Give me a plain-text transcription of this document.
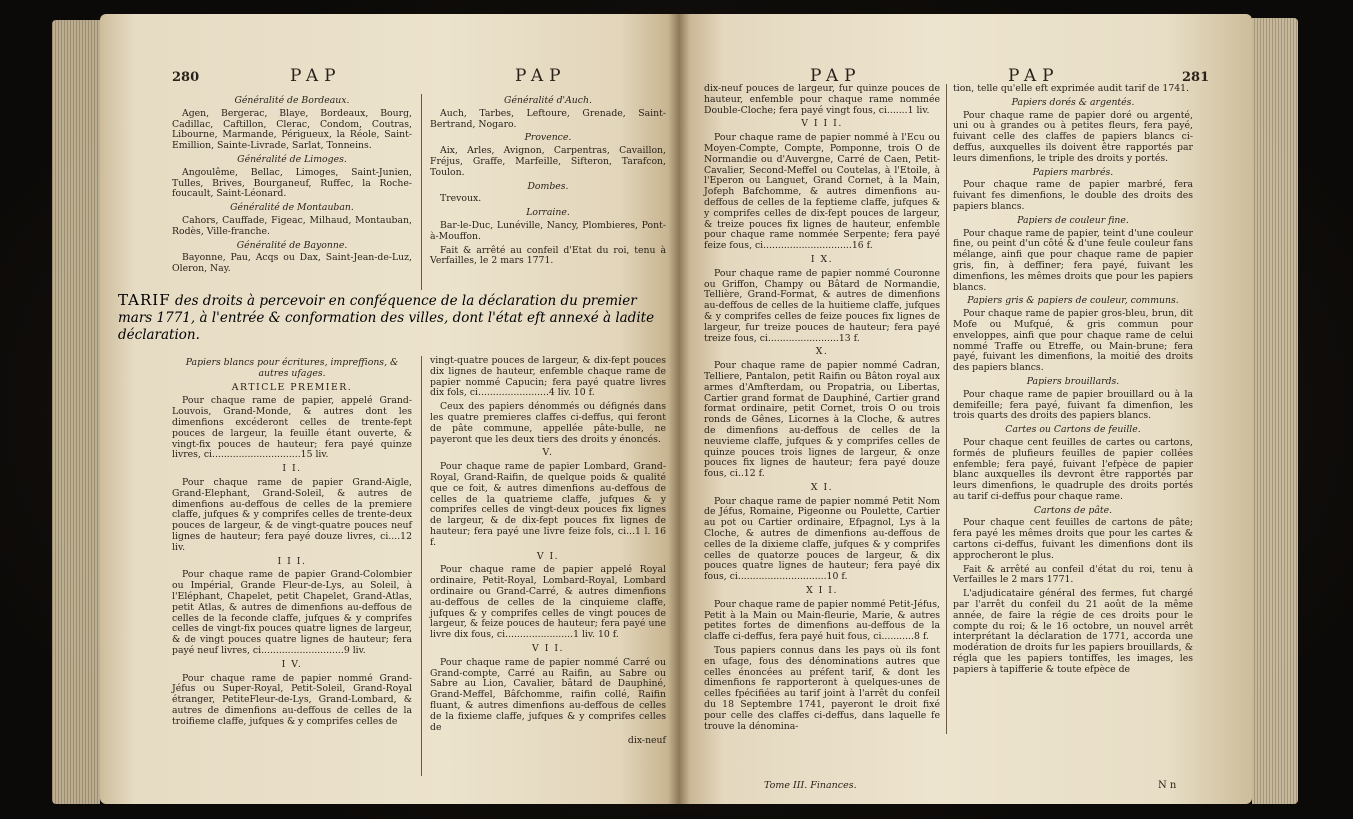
280	PAP	PAP

Généralité de Bordeaux.

Agen, Bergerac, Blaye, Bordeaux, Bourg, Cadillac, Caftillon, Clerac, Condom, Coutras, Libourne, Marmande, Périgueux, la Réole, Saint-Emillion, Sainte-Livrade, Sarlat, Tonneins.

Généralité de Limoges.

Angoulême, Bellac, Limoges, Saint-Junien, Tulles, Brives, Bourganeuf, Ruffec, la Roche-foucault, Saint-Léonard.

Généralité de Montauban.

Cahors, Cauffade, Figeac, Milhaud, Montauban, Rodès, Ville-franche.

Généralité de Bayonne.

Bayonne, Pau, Acqs ou Dax, Saint-Jean-de-Luz, Oleron, Nay.

Généralité d'Auch.

Auch, Tarbes, Leftoure, Grenade, Saint-Bertrand, Nogaro.

Provence.

Aix, Arles, Avignon, Carpentras, Cavaillon, Fréjus, Graffe, Marfeille, Sifteron, Tarafcon, Toulon.

Dombes.

Trevoux.

Lorraine.

Bar-le-Duc, Lunéville, Nancy, Plombieres, Pont-à-Mouffon.

Fait & arrêté au confeil d'Etat du roi, tenu à Verfailles, le 2 mars 1771.

Papiers blancs pour écritures, impreffions, & autres ufages.

ARTICLE PREMIER.

Pour chaque rame de papier, appelé Grand-Louvois, Grand-Monde, & autres dont les dimenfions excéderont celles de trente-fept pouces de largeur, la feuille étant ouverte, & vingt-fix pouces de hauteur; fera payé quinze livres, ci..............................15 liv.

I I.

Pour chaque rame de papier Grand-Aigle, Grand-Elephant, Grand-Soleil, & autres de dimenfions au-deffous de celles de la premiere claffe, jufques & y comprifes celles de trente-deux pouces de largeur, & de vingt-quatre pouces neuf lignes de hauteur; fera payé douze livres, ci....12 liv.

I I I.

Pour chaque rame de papier Grand-Colombier ou Impérial, Grande Fleur-de-Lys, au Soleil, à l'Eléphant, Chapelet, petit Chapelet, Grand-Atlas, petit Atlas, & autres de dimenfions au-deffous de celles de la feconde claffe, jufques & y comprifes celles de vingt-fix pouces quatre lignes de largeur, & de vingt pouces quatre lignes de hauteur; fera payé neuf livres, ci............................9 liv.

I V.

Pour chaque rame de papier nommé Grand-Jéfus ou Super-Royal, Petit-Soleil, Grand-Royal étranger, PetiteFleur-de-Lys, Grand-Lombard, & autres de dimenfions au-deffous de celles de la troifieme claffe, jufques & y comprifes celles de

vingt-quatre pouces de largeur, & dix-fept pouces dix lignes de hauteur, enfemble chaque rame de papier nommé Capucin; fera payé quatre livres dix fols, ci........................4 liv. 10 f.

Ceux des papiers dénommés ou défignés dans les quatre premieres claffes ci-deffus, qui feront de pâte commune, appellée pâte-bulle, ne payeront que les deux tiers des droits y énoncés.

V.

Pour chaque rame de papier Lombard, Grand-Royal, Grand-Raifin, de quelque poids & qualité que ce foit, & autres dimenfions au-deffous de celles de la quatrieme claffe, jufques & y comprifes celles de vingt-deux pouces fix lignes de largeur, & de dix-fept pouces fix lignes de hauteur; fera payé une livre feize fols, ci...1 l. 16 f.

V I.

Pour chaque rame de papier appelé Royal ordinaire, Petit-Royal, Lombard-Royal, Lombard ordinaire ou Grand-Carré, & autres dimenfions au-deffous de celles de la cinquieme claffe, jufques & y comprifes celles de vingt pouces de largeur, & feize pouces de hauteur; fera payé une livre dix fous, ci.......................1 liv. 10 f.

V I I.

Pour chaque rame de papier nommé Carré ou Grand-compte, Carré au Raifin, au Sabre ou Sabre au Lion, Cavalier, bâtard de Dauphiné, Grand-Meffel, Bâfchomme, raifin collé, Raifin fluant, & autres dimenfions au-deffous de celles de la fixieme claffe, jufques & y comprifes celles de

dix-neuf

TARIF des droits à percevoir en conféquence de la déclaration du premier mars 1771, à l'entrée & conformation des villes, dont l'état eft annexé à ladite déclaration.
PAP	PAP	281

dix-neuf pouces de largeur, fur quinze pouces de hauteur, enfemble pour chaque rame nommée Double-Cloche; fera payé vingt fous, ci.......1 liv.

V I I I.

Pour chaque rame de papier nommé à l'Ecu ou Moyen-Compte, Compte, Pomponne, trois O de Normandie ou d'Auvergne, Carré de Caen, Petit-Cavalier, Second-Meffel ou Coutelas, à l'Etoile, à l'Eperon ou Languet, Grand Cornet, à la Main, Jofeph Bafchomme, & autres dimenfions au-deffous de celles de la feptieme claffe, jufques & y comprifes celles de dix-fept pouces de largeur, & treize pouces fix lignes de hauteur, enfemble pour chaque rame nommée Serpente; fera payé feize fous, ci..............................16 f.

I X.

Pour chaque rame de papier nommé Couronne ou Griffon, Champy ou Bâtard de Normandie, Tellière, Grand-Format, & autres de dimenfions au-deffous de celles de la huitieme claffe, jufques & y comprifes celles de feize pouces fix lignes de largeur, fur treize pouces de hauteur; fera payé treize fous, ci........................13 f.

X.

Pour chaque rame de papier nommé Cadran, Telliere, Pantalon, petit Raifin ou Bâton royal aux armes d'Amfterdam, ou Propatria, ou Libertas, Cartier grand format de Dauphiné, Cartier grand format ordinaire, petit Cornet, trois O ou trois ronds de Gênes, Licornes à la Cloche, & autres de dimenfions au-deffous de celles de la neuvieme claffe, jufques & y comprifes celles de quinze pouces trois lignes de largeur, & onze pouces fix lignes de hauteur; fera payé douze fous, ci..12 f.

X I.

Pour chaque rame de papier nommé Petit Nom de Jéfus, Romaine, Pigeonne ou Poulette, Cartier au pot ou Cartier ordinaire, Efpagnol, Lys à la Cloche, & autres de dimenfions au-deffous de celles de la dixieme claffe, jufques & y comprifes celles de quatorze pouces de largeur, & dix pouces quatre lignes de hauteur; fera payé dix fous, ci..............................10 f.

X I I.

Pour chaque rame de papier nommé Petit-Jéfus, Petit à la Main ou Main-fleurie, Marie, & autres petites fortes de dimenfions au-deffous de la claffe ci-deffus, fera payé huit fous, ci...........8 f.

Tous papiers connus dans les pays où ils font en ufage, fous des dénominations autres que celles énoncées au préfent tarif, & dont les dimenfions fe rapporteront à quelques-unes de celles fpécifiées au tarif joint à l'arrêt du confeil du 18 Septembre 1741, payeront le droit fixé pour celle des claffes ci-deffus, dans laquelle fe trouve la dénomina-

tion, telle qu'elle eft exprimée audit tarif de 1741.

Papiers dorés & argentés.

Pour chaque rame de papier doré ou argenté, uni ou à grandes ou à petites fleurs, fera payé, fuivant celle des claffes de papiers blancs ci-deffus, auxquelles ils doivent être rapportés par leurs dimenfions, le triple des droits y portés.

Papiers marbrés.

Pour chaque rame de papier marbré, fera fuivant fes dimenfions, le double des droits des papiers blancs.

Papiers de couleur fine.

Pour chaque rame de papier, teint d'une couleur fine, ou peint d'un côté & d'une feule couleur fans mélange, ainfi que pour chaque rame de papier gris, fin, à deffiner; fera payé, fuivant les dimenfions, les mêmes droits que pour les papiers blancs.

Papiers gris & papiers de couleur, communs.

Pour chaque rame de papier gros-bleu, brun, dit Mofe ou Mufqué, & gris commun pour enveloppes, ainfi que pour chaque rame de celui nommé Traffe ou Etreffe, ou Main-brune; fera payé, fuivant les dimenfions, la moitié des droits des papiers blancs.

Papiers brouillards.

Pour chaque rame de papier brouillard ou à la demifeille; fera payé, fuivant fa dimenfion, les trois quarts des droits des papiers blancs.

Cartes ou Cartons de feuille.

Pour chaque cent feuilles de cartes ou cartons, formés de plufieurs feuilles de papier collées enfemble; fera payé, fuivant l'efpèce de papier blanc auxquelles ils devront être rapportés par leurs dimenfions, le quadruple des droits portés au tarif ci-deffus pour chaque rame.

Cartons de pâte.

Pour chaque cent feuilles de cartons de pâte; fera payé les mêmes droits que pour les cartes & cartons ci-deffus, fuivant les dimenfions dont ils approcheront le plus.

Fait & arrêté au confeil d'état du roi, tenu à Verfailles le 2 mars 1771.

L'adjudicataire général des fermes, fut chargé par l'arrêt du confeil du 21 août de la même année, de faire la régie de ces droits pour le compte du roi; & le 16 octobre, un nouvel arrêt interprétant la déclaration de 1771, accorda une modération de droits fur les papiers brouillards, & régla que les papiers tontiffes, les images, les papiers à tapifferie & toute efpèce de

Tome III. Finances.	N n
